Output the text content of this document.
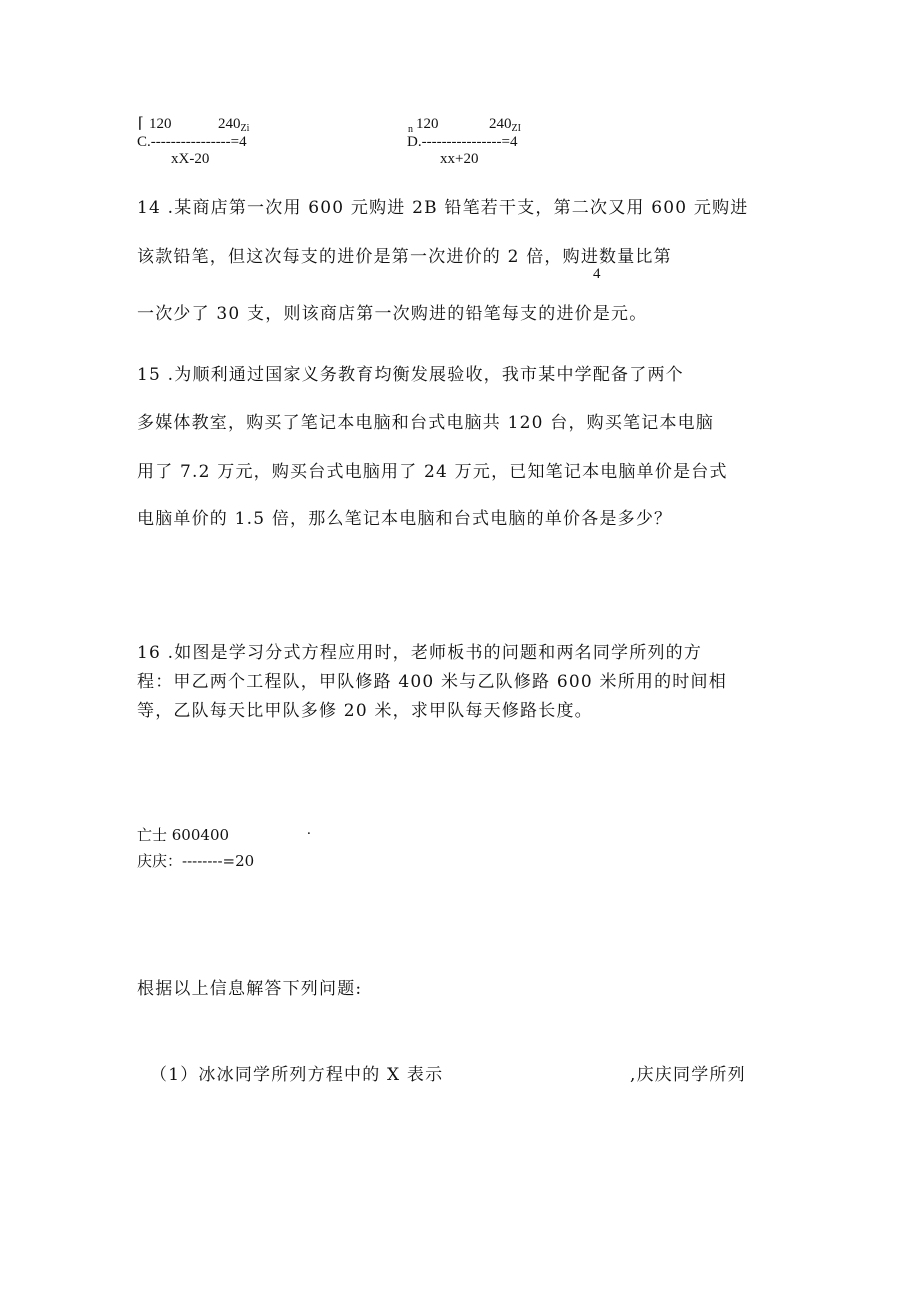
⌈ 120	$240_{Zi}$
C.----------------=4
xX-20
n 120	$240_{ZI}$
D.----------------=4
xx+20
14 .某商店第一次用 600 元购进 2B 铅笔若干支，第二次又用 600 元购进
该款铅笔，但这次每支的进价是第一次进价的 2 倍，购进数量比第
4
一次少了 30 支，则该商店第一次购进的铅笔每支的进价是元。
15 .为顺利通过国家义务教育均衡发展验收，我市某中学配备了两个
多媒体教室，购买了笔记本电脑和台式电脑共 120 台，购买笔记本电脑
用了 7.2 万元，购买台式电脑用了 24 万元，已知笔记本电脑单价是台式
电脑单价的 1.5 倍，那么笔记本电脑和台式电脑的单价各是多少？
16 .如图是学习分式方程应用时，老师板书的问题和两名同学所列的方
程：甲乙两个工程队，甲队修路 400 米与乙队修路 600 米所用的时间相
等，乙队每天比甲队多修 20 米，求甲队每天修路长度。
亡士 600400	.
庆庆：--------=20
根据以上信息解答下列问题:
（1）冰冰同学所列方程中的 X 表示	,庆庆同学所列
